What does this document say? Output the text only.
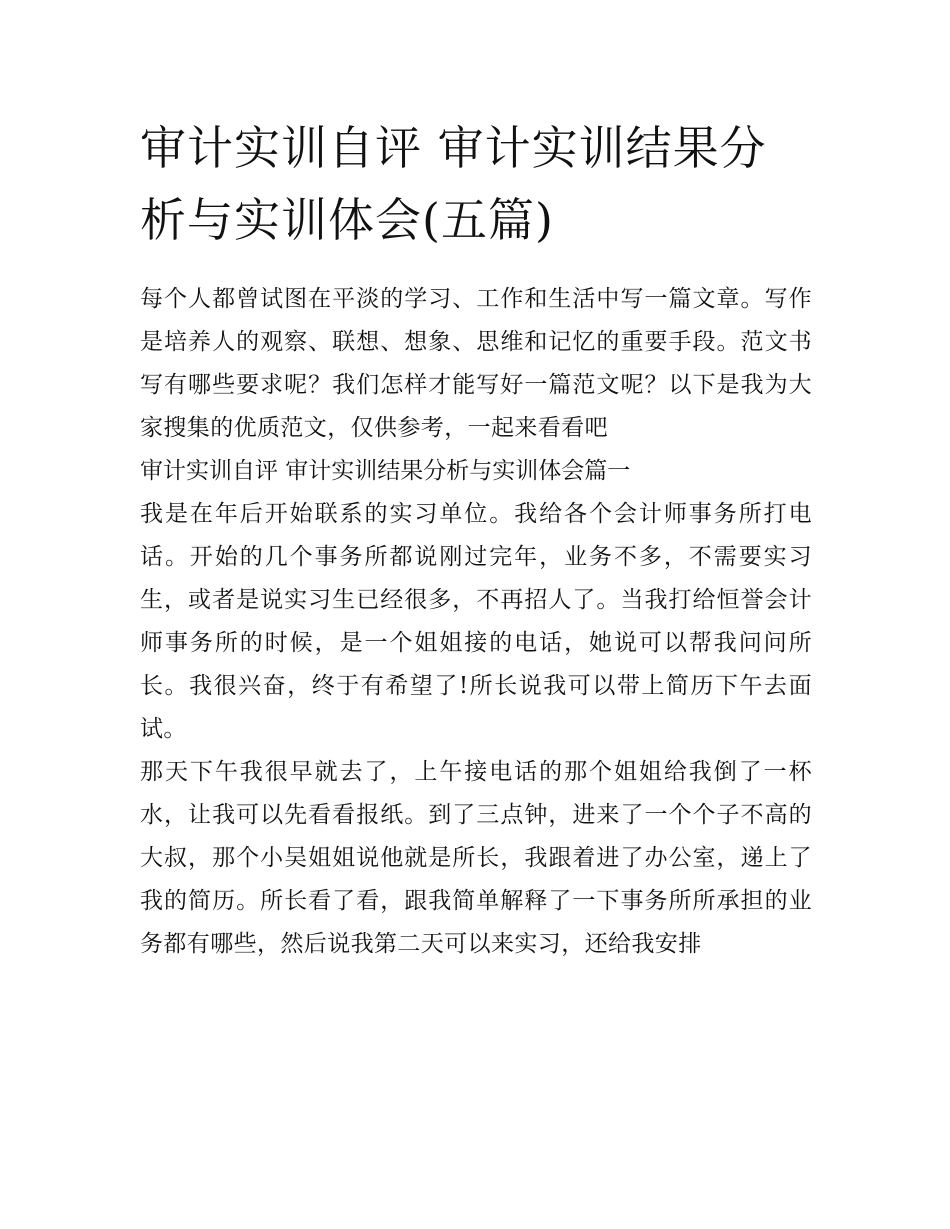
审计实训自评 审计实训结果分析与实训体会(五篇)

每个人都曾试图在平淡的学习、工作和生活中写一篇文章。写作是培养人的观察、联想、想象、思维和记忆的重要手段。范文书写有哪些要求呢？我们怎样才能写好一篇范文呢？以下是我为大家搜集的优质范文，仅供参考，一起来看看吧

审计实训自评 审计实训结果分析与实训体会篇一

我是在年后开始联系的实习单位。我给各个会计师事务所打电话。开始的几个事务所都说刚过完年，业务不多，不需要实习生，或者是说实习生已经很多，不再招人了。当我打给恒誉会计师事务所的时候，是一个姐姐接的电话，她说可以帮我问问所长。我很兴奋，终于有希望了!所长说我可以带上简历下午去面试。

那天下午我很早就去了，上午接电话的那个姐姐给我倒了一杯水，让我可以先看看报纸。到了三点钟，进来了一个个子不高的大叔，那个小吴姐姐说他就是所长，我跟着进了办公室，递上了我的简历。所长看了看，跟我简单解释了一下事务所所承担的业务都有哪些，然后说我第二天可以来实习，还给我安排
